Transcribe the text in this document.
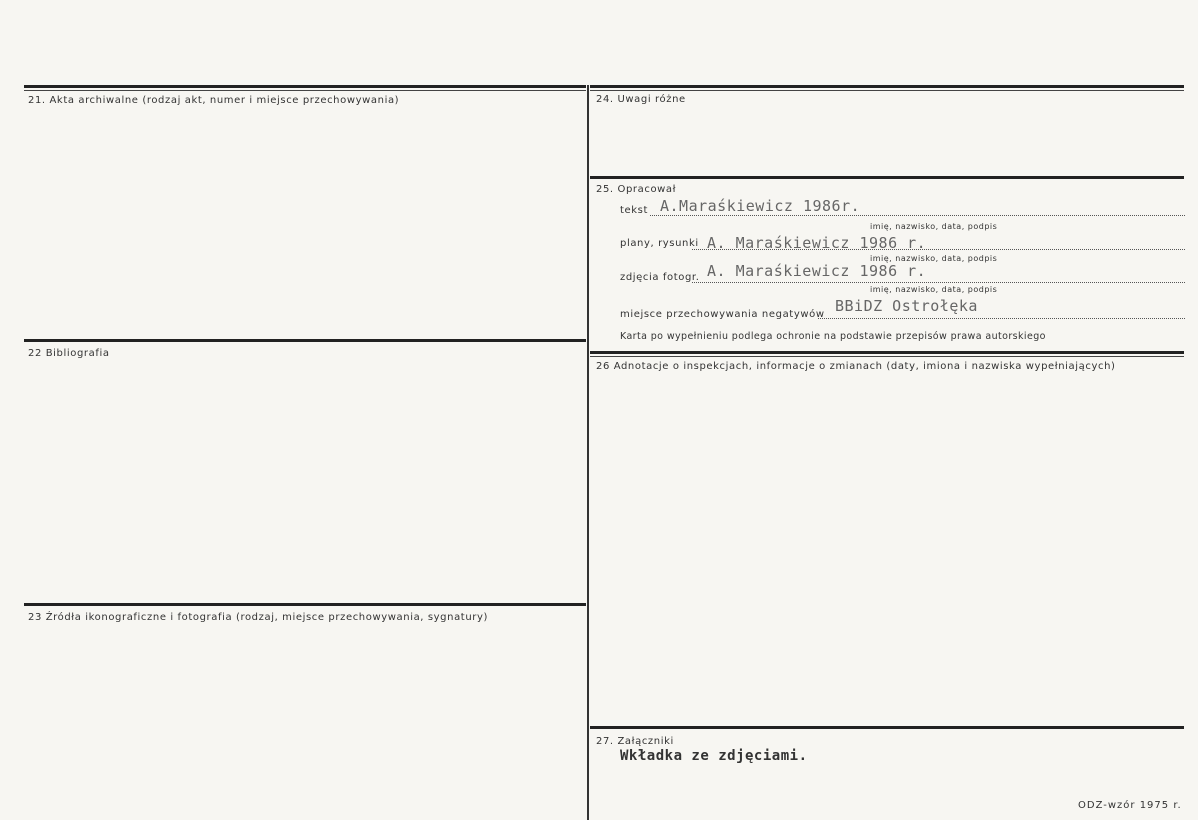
21. Akta archiwalne (rodzaj akt, numer i miejsce przechowywania)
22 Bibliografia
23 Źródła ikonograficzne i fotografia (rodzaj, miejsce przechowywania, sygnatury)
24. Uwagi różne
25. Opracował
26 Adnotacje o inspekcjach, informacje o zmianach (daty, imiona i nazwiska wypełniających)
27. Załączniki
tekst A.Maraśkiewicz 1986r.
imię, nazwisko, data, podpis
plany, rysunki A. Maraśkiewicz 1986 r.
imię, nazwisko, data, podpis
zdjęcia fotogr. A. Maraśkiewicz 1986 r.
imię, nazwisko, data, podpis
miejsce przechowywania negatywów BBiDZ Ostrołęka
Karta po wypełnieniu podlega ochronie na podstawie przepisów prawa autorskiego
Wkładka ze zdjęciami.
ODZ-wzór 1975 r.
